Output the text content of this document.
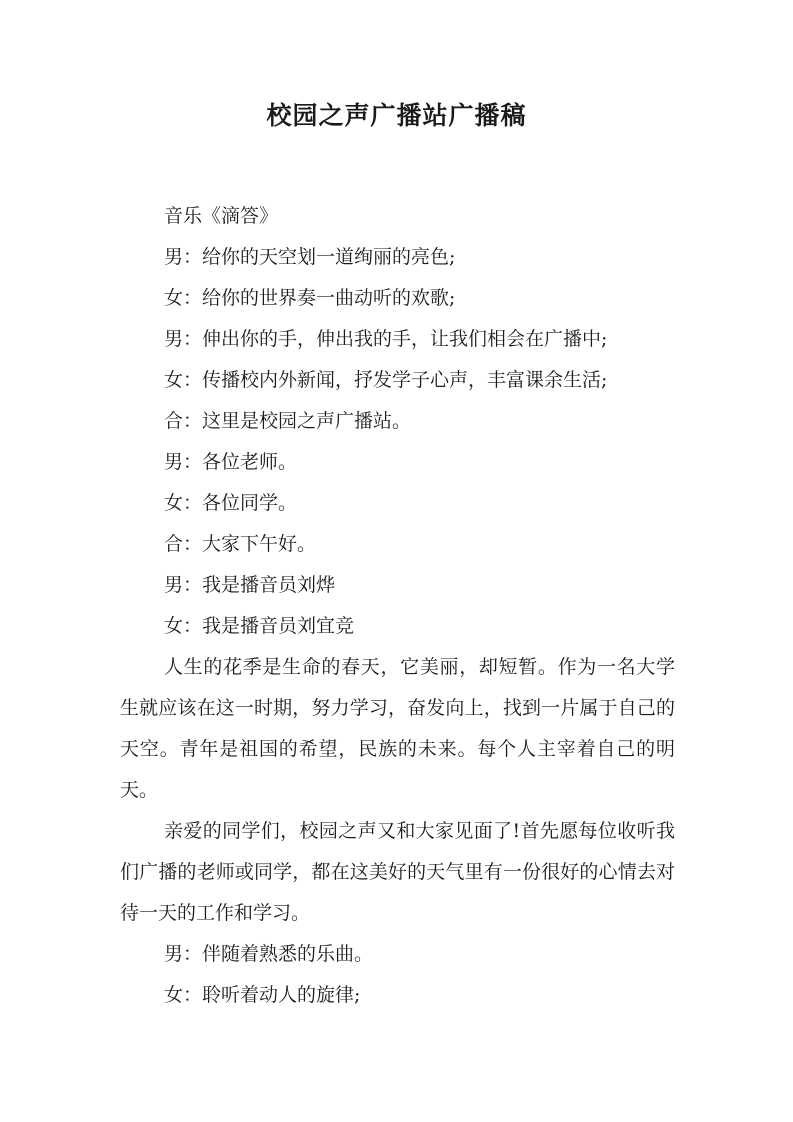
校园之声广播站广播稿

音乐《滴答》

男：给你的天空划一道绚丽的亮色;

女：给你的世界奏一曲动听的欢歌;

男：伸出你的手，伸出我的手，让我们相会在广播中;

女：传播校内外新闻，抒发学子心声，丰富课余生活;

合：这里是校园之声广播站。

男：各位老师。

女：各位同学。

合：大家下午好。

男：我是播音员刘烨

女：我是播音员刘宜竞

人生的花季是生命的春天，它美丽，却短暂。作为一名大学生就应该在这一时期，努力学习，奋发向上，找到一片属于自己的天空。青年是祖国的希望，民族的未来。每个人主宰着自己的明天。

亲爱的同学们，校园之声又和大家见面了!首先愿每位收听我们广播的老师或同学，都在这美好的天气里有一份很好的心情去对待一天的工作和学习。

男：伴随着熟悉的乐曲。

女：聆听着动人的旋律;
